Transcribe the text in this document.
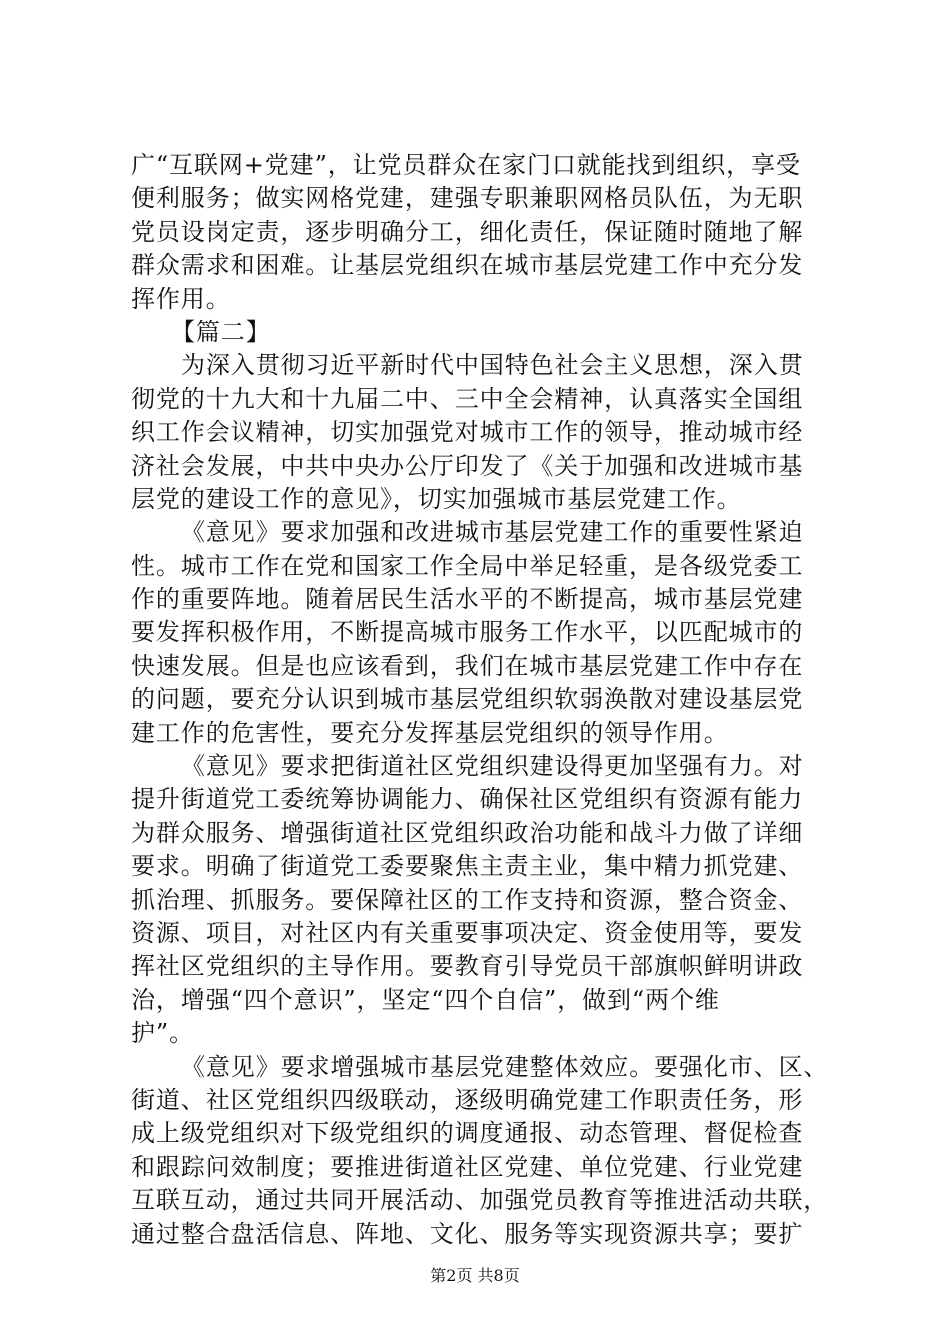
广“互联网+党建”，让党员群众在家门口就能找到组织，享受
便利服务；做实网格党建，建强专职兼职网格员队伍，为无职
党员设岗定责，逐步明确分工，细化责任，保证随时随地了解
群众需求和困难。让基层党组织在城市基层党建工作中充分发
挥作用。
【篇二】
为深入贯彻习近平新时代中国特色社会主义思想，深入贯
彻党的十九大和十九届二中、三中全会精神，认真落实全国组
织工作会议精神，切实加强党对城市工作的领导，推动城市经
济社会发展，中共中央办公厅印发了《关于加强和改进城市基
层党的建设工作的意见》，切实加强城市基层党建工作。
《意见》要求加强和改进城市基层党建工作的重要性紧迫
性。城市工作在党和国家工作全局中举足轻重，是各级党委工
作的重要阵地。随着居民生活水平的不断提高，城市基层党建
要发挥积极作用，不断提高城市服务工作水平，以匹配城市的
快速发展。但是也应该看到，我们在城市基层党建工作中存在
的问题，要充分认识到城市基层党组织软弱涣散对建设基层党
建工作的危害性，要充分发挥基层党组织的领导作用。
《意见》要求把街道社区党组织建设得更加坚强有力。对
提升街道党工委统筹协调能力、确保社区党组织有资源有能力
为群众服务、增强街道社区党组织政治功能和战斗力做了详细
要求。明确了街道党工委要聚焦主责主业，集中精力抓党建、
抓治理、抓服务。要保障社区的工作支持和资源，整合资金、
资源、项目，对社区内有关重要事项决定、资金使用等，要发
挥社区党组织的主导作用。要教育引导党员干部旗帜鲜明讲政
治，增强“四个意识”，坚定“四个自信”，做到“两个维
护”。
《意见》要求增强城市基层党建整体效应。要强化市、区、
街道、社区党组织四级联动，逐级明确党建工作职责任务，形
成上级党组织对下级党组织的调度通报、动态管理、督促检查
和跟踪问效制度；要推进街道社区党建、单位党建、行业党建
互联互动，通过共同开展活动、加强党员教育等推进活动共联，
通过整合盘活信息、阵地、文化、服务等实现资源共享；要扩
第2页 共8页
